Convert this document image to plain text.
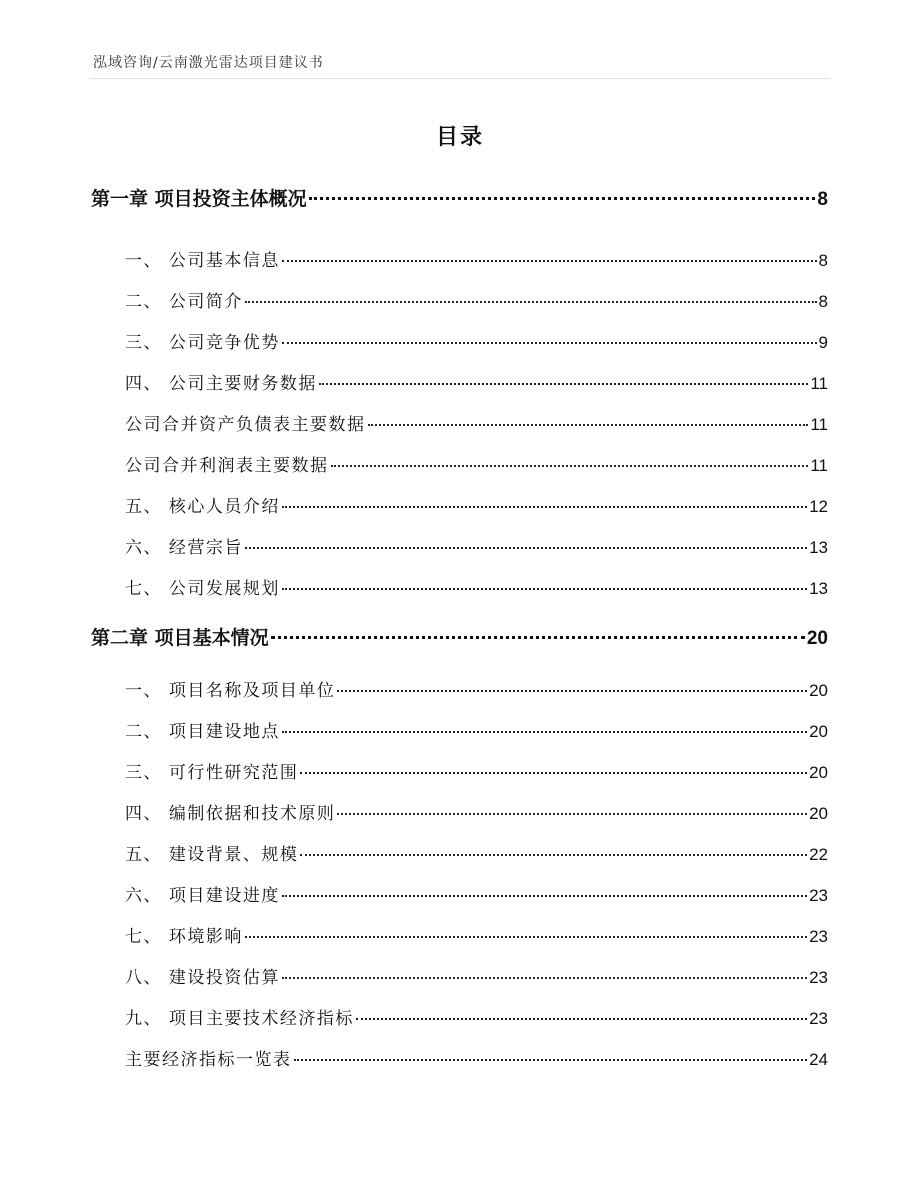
泓域咨询/云南激光雷达项目建议书
目录
第一章 项目投资主体概况	8
一、 公司基本信息	8
二、 公司简介	8
三、 公司竞争优势	9
四、 公司主要财务数据	11
公司合并资产负债表主要数据	11
公司合并利润表主要数据	11
五、 核心人员介绍	12
六、 经营宗旨	13
七、 公司发展规划	13
第二章 项目基本情况	20
一、 项目名称及项目单位	20
二、 项目建设地点	20
三、 可行性研究范围	20
四、 编制依据和技术原则	20
五、 建设背景、规模	22
六、 项目建设进度	23
七、 环境影响	23
八、 建设投资估算	23
九、 项目主要技术经济指标	23
主要经济指标一览表	24
